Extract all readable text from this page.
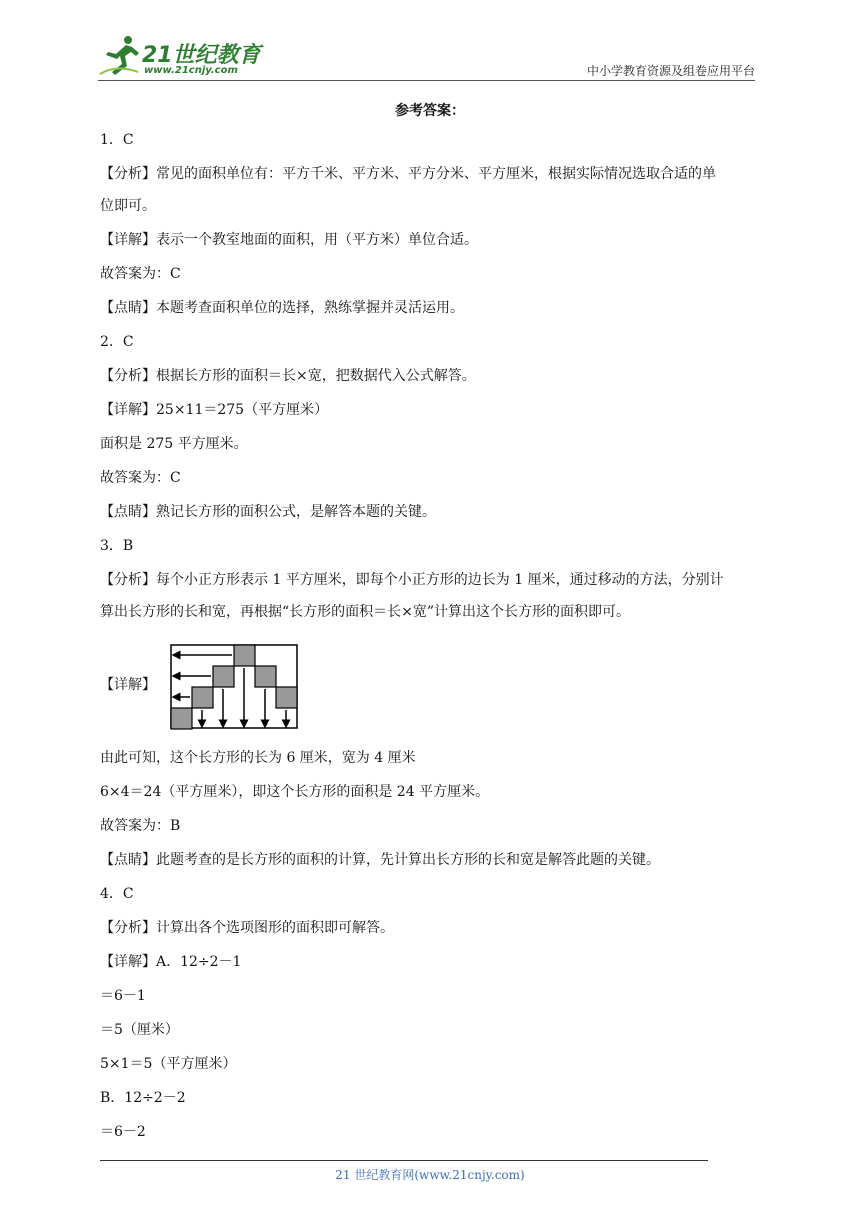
21世纪教育
www.21cnjy.com	中小学教育资源及组卷应用平台
参考答案：
1．C
【分析】常见的面积单位有：平方千米、平方米、平方分米、平方厘米，根据实际情况选取合适的单
位即可。
【详解】表示一个教室地面的面积，用（平方米）单位合适。
故答案为：C
【点睛】本题考查面积单位的选择，熟练掌握并灵活运用。
2．C
【分析】根据长方形的面积＝长×宽，把数据代入公式解答。
【详解】25×11＝275（平方厘米）
面积是 275 平方厘米。
故答案为：C
【点睛】熟记长方形的面积公式，是解答本题的关键。
3．B
【分析】每个小正方形表示 1 平方厘米，即每个小正方形的边长为 1 厘米，通过移动的方法，分别计
算出长方形的长和宽，再根据“长方形的面积＝长×宽”计算出这个长方形的面积即可。
【详解】
由此可知，这个长方形的长为 6 厘米，宽为 4 厘米
6×4＝24（平方厘米），即这个长方形的面积是 24 平方厘米。
故答案为：B
【点睛】此题考查的是长方形的面积的计算，先计算出长方形的长和宽是解答此题的关键。
4．C
【分析】计算出各个选项图形的面积即可解答。
【详解】A．12÷2－1
＝6－1
＝5（厘米）
5×1＝5（平方厘米）
B．12÷2－2
＝6－2
21 世纪教育网(www.21cnjy.com)
